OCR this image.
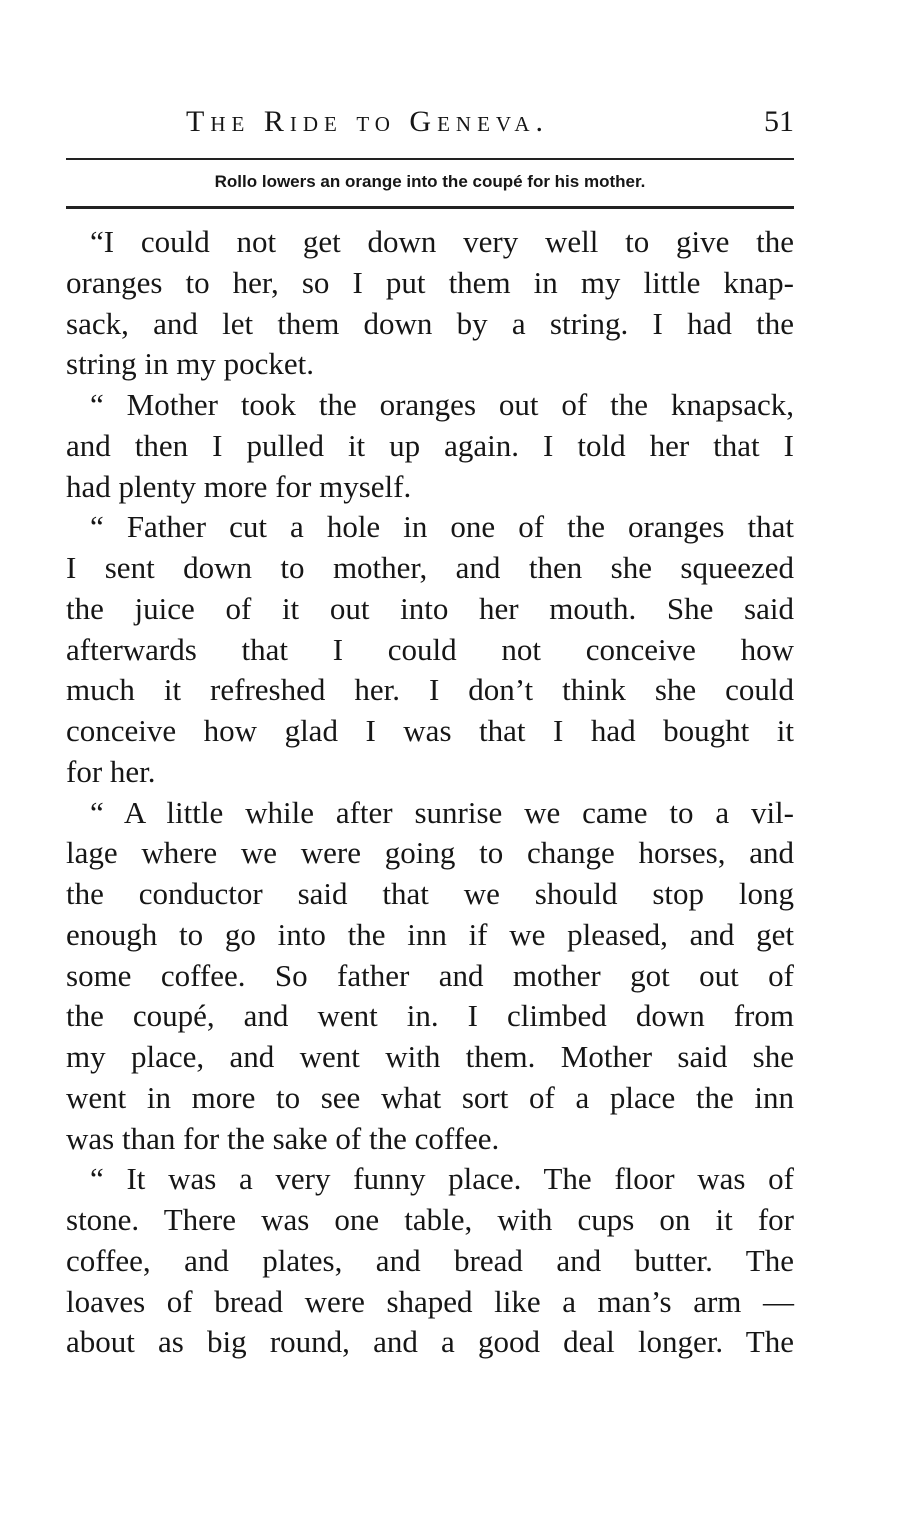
The Ride to Geneva.	51
Rollo lowers an orange into the coupé for his mother.
“I could not get down very well to give the
oranges to her, so I put them in my little knap-
sack, and let them down by a string. I had the
string in my pocket.
“ Mother took the oranges out of the knapsack,
and then I pulled it up again. I told her that I
had plenty more for myself.
“ Father cut a hole in one of the oranges that
I sent down to mother, and then she squeezed
the juice of it out into her mouth. She said
afterwards that I could not conceive how
much it refreshed her. I don’t think she could
conceive how glad I was that I had bought it
for her.
“ A little while after sunrise we came to a vil-
lage where we were going to change horses, and
the conductor said that we should stop long
enough to go into the inn if we pleased, and get
some coffee. So father and mother got out of
the coupé, and went in. I climbed down from
my place, and went with them. Mother said she
went in more to see what sort of a place the inn
was than for the sake of the coffee.
“ It was a very funny place. The floor was of
stone. There was one table, with cups on it for
coffee, and plates, and bread and butter. The
loaves of bread were shaped like a man’s arm —
about as big round, and a good deal longer. The
